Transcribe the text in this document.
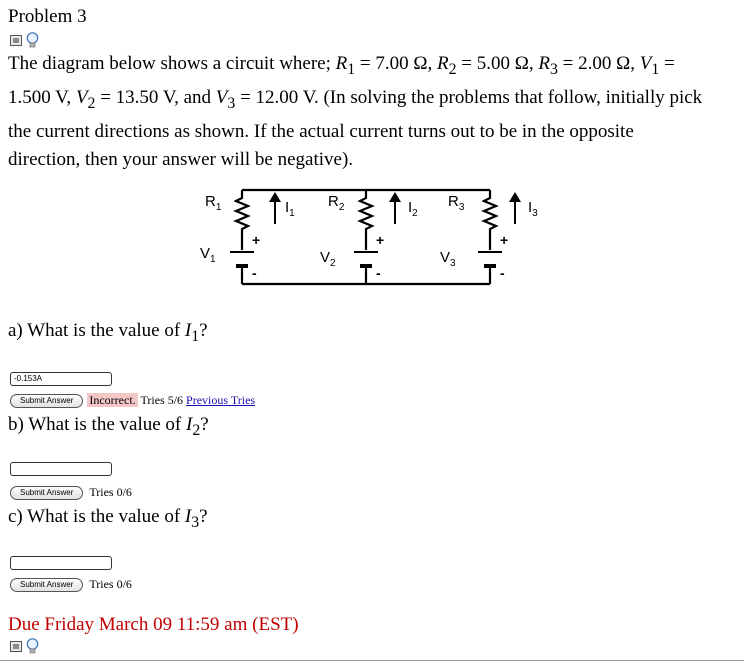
Problem 3
The diagram below shows a circuit where; $R_1 = 7.00$ Ω, $R_2 = 5.00$ Ω, $R_3 = 2.00$ Ω, $V_1$ =
1.500 V, $V_2 = 13.50$ V, and $V_3 = 12.00$ V. (In solving the problems that follow, initially pick
the current directions as shown. If the actual current turns out to be in the opposite
direction, then your answer will be negative).
$R_1$	$I_1$
$R_2$	$I_2$
$R_3$	$I_3$
$V_1$	$V_2$	$V_3$
+
-
+
-
+
-
a) What is the value of $I_1$?
-0.153A
Submit Answer	Incorrect. Tries 5/6 Previous Tries
b) What is the value of $I_2$?
Submit Answer	Tries 0/6
c) What is the value of $I_3$?
Submit Answer	Tries 0/6
Due Friday March 09 11:59 am (EST)
